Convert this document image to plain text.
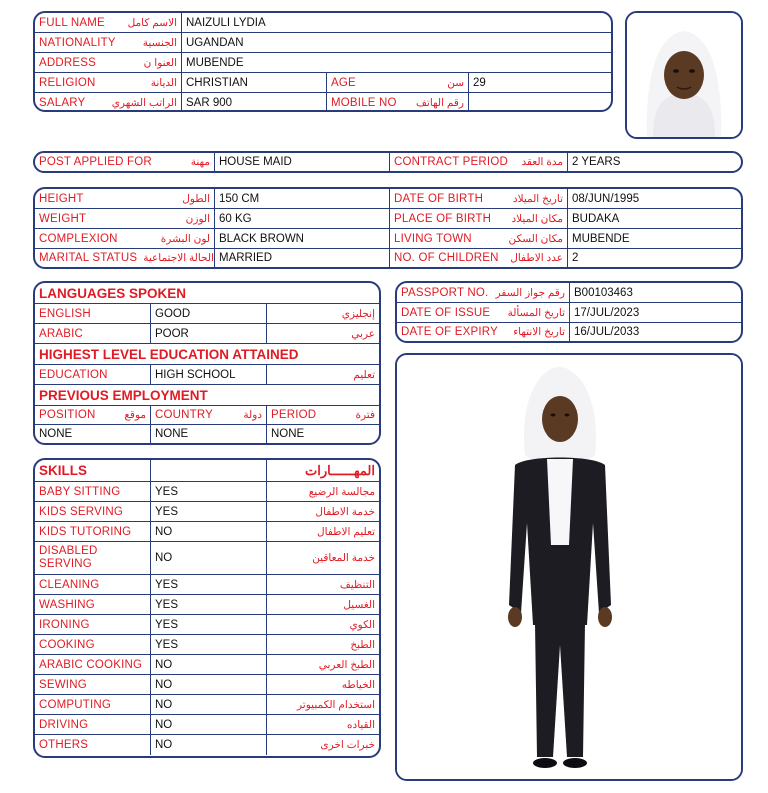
FULL NAME الاسم كامل NAIZULI LYDIA
NATIONALITY	الجنسية UGANDAN
ADDRESS	العنوا ن MUBENDE
RELIGION	الديانة CHRISTIAN	AGE	سن 29
SALARY	الراتب الشهري SAR 900	MOBILE NO رقم الهاتف
POST APPLIED FOR	مهنة HOUSE MAID	CONTRACT PERIOD مدة العقد 2 YEARS
HEIGHT	الطول 150 CM	DATE OF BIRTH	تاريخ الميلاد 08/JUN/1995
WEIGHT	الوزن 60 KG	PLACE OF BIRTH مكان الميلاد BUDAKA
COMPLEXION	لون البشرة BLACK BROWN	LIVING TOWN	مكان السكن MUBENDE
MARITAL STATUS الحالة الاجتماعية MARRIED	NO. OF CHILDREN عدد الاطفال 2
LANGUAGES SPOKEN
ENGLISH	GOOD	إنجليزي
ARABIC	POOR	عربي
HIGHEST LEVEL EDUCATION ATTAINED
EDUCATION	HIGH SCHOOL	تعليم
PREVIOUS EMPLOYMENT
POSITION	موقع COUNTRY	دولة PERIOD	فترة
NONE	NONE	NONE
PASSPORT NO. رقم جواز السفر B00103463
DATE OF ISSUE تاريخ المسألة 17/JUL/2023
DATE OF EXPIRY تاريخ الانتهاء 16/JUL/2033
SKILLS	المهــــــارات
BABY SITTING	YES	مجالسة الرضيع
KIDS SERVING	YES	خدمة الاطفال
KIDS TUTORING	NO	تعليم الاطفال
DISABLED SERVING	NO	خدمة المعاقين
CLEANING	YES	التنظيف
WASHING	YES	الغسيل
IRONING	YES	الكوي
COOKING	YES	الطبخ
ARABIC COOKING	NO	الطبخ العربي
SEWING	NO	الخياطه
COMPUTING	NO	استخدام الكمبيوتر
DRIVING	NO	القياده
OTHERS	NO	خبرات اخرى
